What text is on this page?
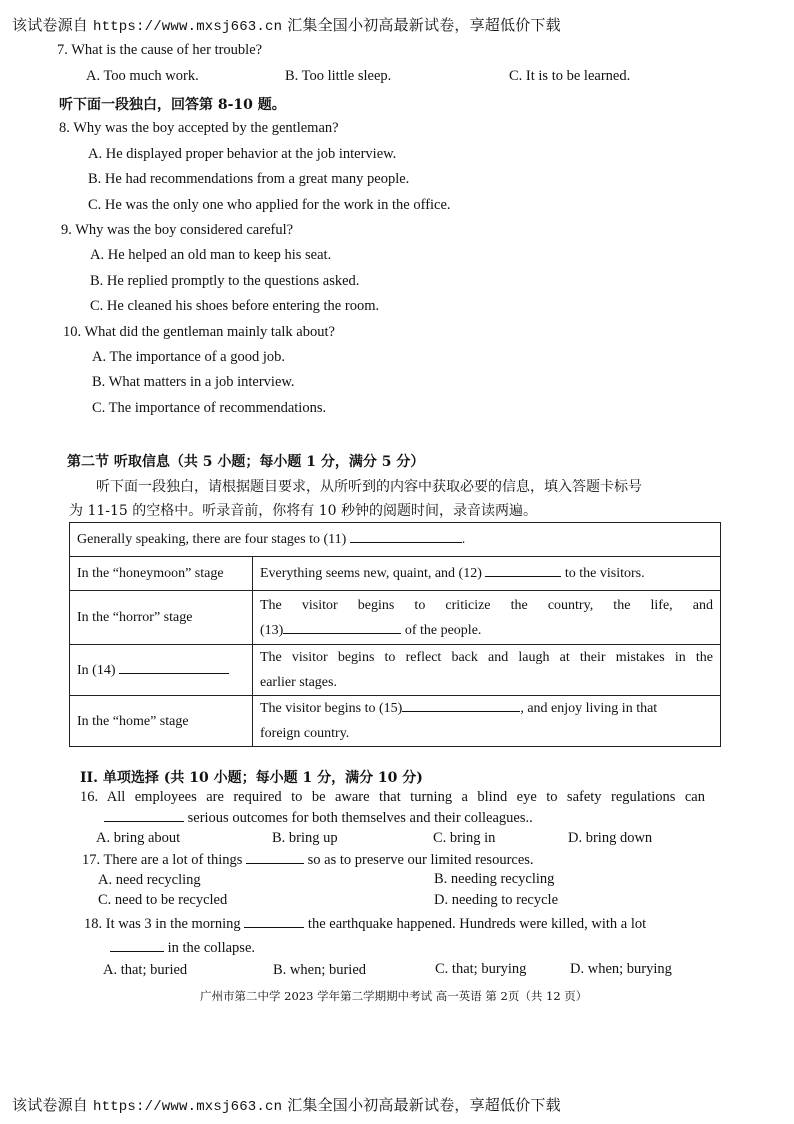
该试卷源自 https://www.mxsj663.cn 汇集全国小初高最新试卷，享超低价下载
7. What is the cause of her trouble?
A. Too much work.	B. Too little sleep.	C. It is to be learned.
听下面一段独白，回答第 8-10 题。
8. Why was the boy accepted by the gentleman?
A. He displayed proper behavior at the job interview.
B. He had recommendations from a great many people.
C. He was the only one who applied for the work in the office.
9. Why was the boy considered careful?
A. He helped an old man to keep his seat.
B. He replied promptly to the questions asked.
C. He cleaned his shoes before entering the room.
10. What did the gentleman mainly talk about?
A. The importance of a good job.
B. What matters in a job interview.
C. The importance of recommendations.
第二节 听取信息（共 5 小题；每小题 1 分，满分 5 分）
听下面一段独白，请根据题目要求，从所听到的内容中获取必要的信息，填入答题卡标号
为 11-15 的空格中。听录音前，你将有 10 秒钟的阅题时间，录音读两遍。
Generally speaking, there are four stages to (11) .	
In the “honeymoon” stage	Everything seems new, quaint, and (12) to the visitors.
In the “horror” stage	The visitor begins to criticize the country, the life, and
(13) of the people.

In (14)	The visitor begins to reflect back and laugh at their mistakes in the
earlier stages.

In the “home” stage	The visitor begins to (15) , and enjoy living in that
foreign country.
II. 单项选择 (共 10 小题；每小题 1 分，满分 10 分)
16. All employees are required to be aware that turning a blind eye to safety regulations can
serious outcomes for both themselves and their colleagues..
A. bring about	B. bring up	C. bring in	D. bring down
17. There are a lot of things	so as to preserve our limited resources.
A. need recycling	B. needing recycling
C. need to be recycled	D. needing to recycle
18. It was 3 in the morning	the earthquake happened. Hundreds were killed, with a lot
in the collapse.
A. that; buried	B. when; buried	C. that; burying	D. when; burying
广州市第二中学 2023 学年第二学期期中考试 高一英语 第 2页（共 12 页）
该试卷源自 https://www.mxsj663.cn 汇集全国小初高最新试卷，享超低价下载
